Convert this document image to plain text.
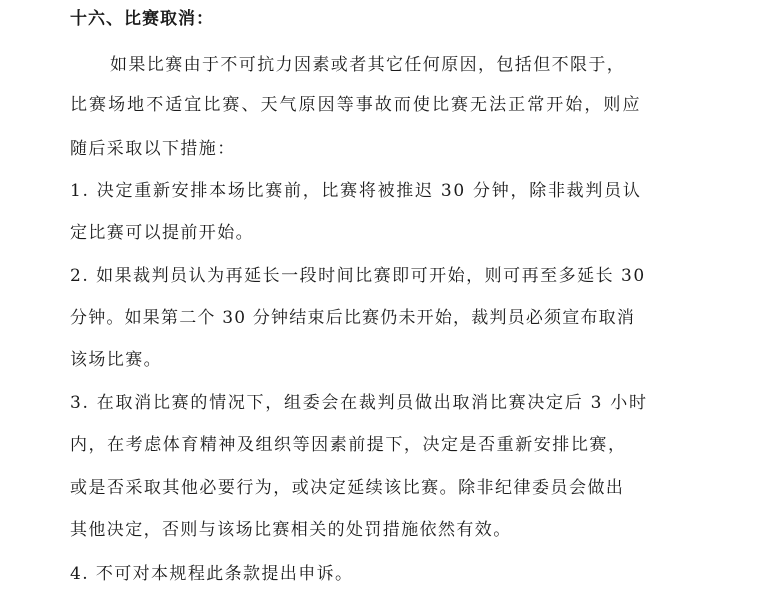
十六、比赛取消：
如果比赛由于不可抗力因素或者其它任何原因，包括但不限于，
比赛场地不适宜比赛、天气原因等事故而使比赛无法正常开始，则应
随后采取以下措施：
1. 决定重新安排本场比赛前，比赛将被推迟 30 分钟，除非裁判员认
定比赛可以提前开始。
2. 如果裁判员认为再延长一段时间比赛即可开始，则可再至多延长 30
分钟。如果第二个 30 分钟结束后比赛仍未开始，裁判员必须宣布取消
该场比赛。
3. 在取消比赛的情况下，组委会在裁判员做出取消比赛决定后 3 小时
内，在考虑体育精神及组织等因素前提下，决定是否重新安排比赛，
或是否采取其他必要行为，或决定延续该比赛。除非纪律委员会做出
其他决定，否则与该场比赛相关的处罚措施依然有效。
4. 不可对本规程此条款提出申诉。
